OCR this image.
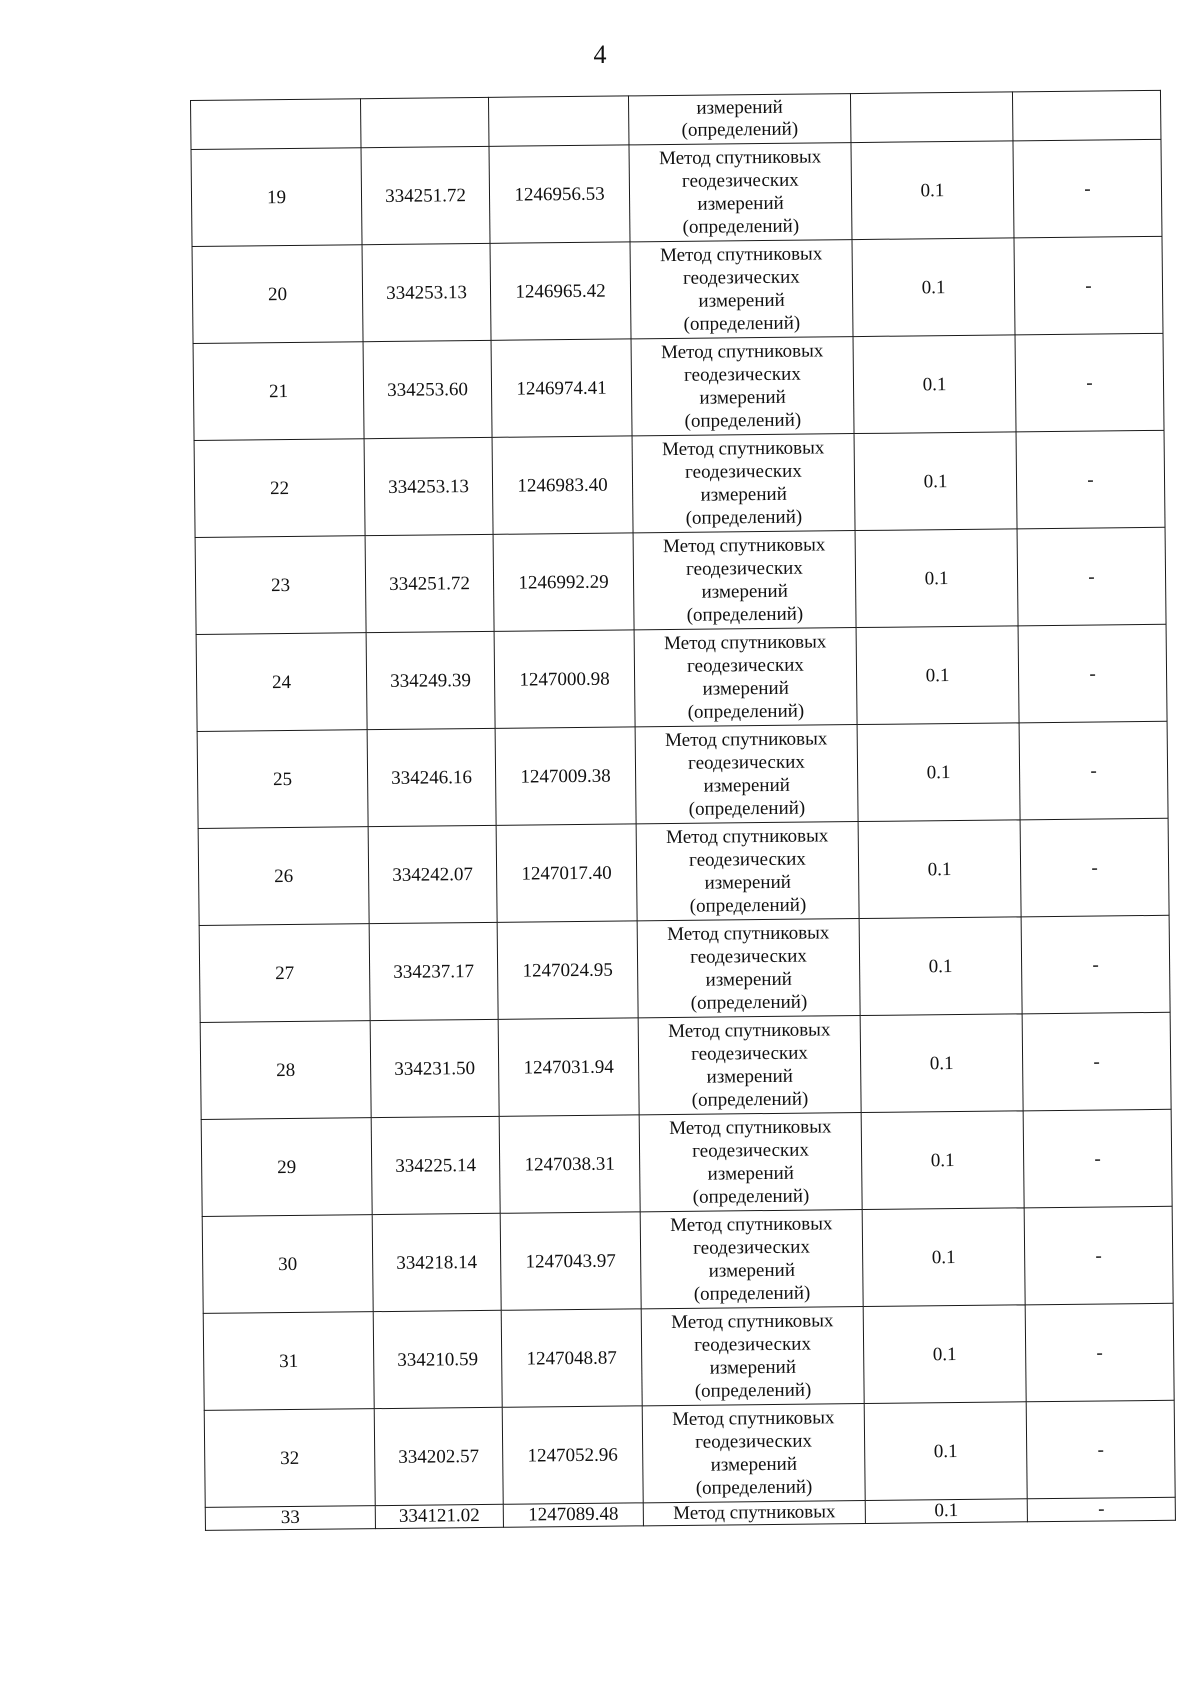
4

			измерений
(определений)		

19	334251.72	1246956.53	Метод спутниковых
геодезических
измерений
(определений)	0.1	-
20	334253.13	1246965.42	Метод спутниковых
геодезических
измерений
(определений)	0.1	-
21	334253.60	1246974.41	Метод спутниковых
геодезических
измерений
(определений)	0.1	-
22	334253.13	1246983.40	Метод спутниковых
геодезических
измерений
(определений)	0.1	-
23	334251.72	1246992.29	Метод спутниковых
геодезических
измерений
(определений)	0.1	-
24	334249.39	1247000.98	Метод спутниковых
геодезических
измерений
(определений)	0.1	-
25	334246.16	1247009.38	Метод спутниковых
геодезических
измерений
(определений)	0.1	-
26	334242.07	1247017.40	Метод спутниковых
геодезических
измерений
(определений)	0.1	-
27	334237.17	1247024.95	Метод спутниковых
геодезических
измерений
(определений)	0.1	-
28	334231.50	1247031.94	Метод спутниковых
геодезических
измерений
(определений)	0.1	-
29	334225.14	1247038.31	Метод спутниковых
геодезических
измерений
(определений)	0.1	-
30	334218.14	1247043.97	Метод спутниковых
геодезических
измерений
(определений)	0.1	-
31	334210.59	1247048.87	Метод спутниковых
геодезических
измерений
(определений)	0.1	-
32	334202.57	1247052.96	Метод спутниковых
геодезических
измерений
(определений)	0.1	-
33	334121.02	1247089.48	Метод спутниковых	0.1	-
